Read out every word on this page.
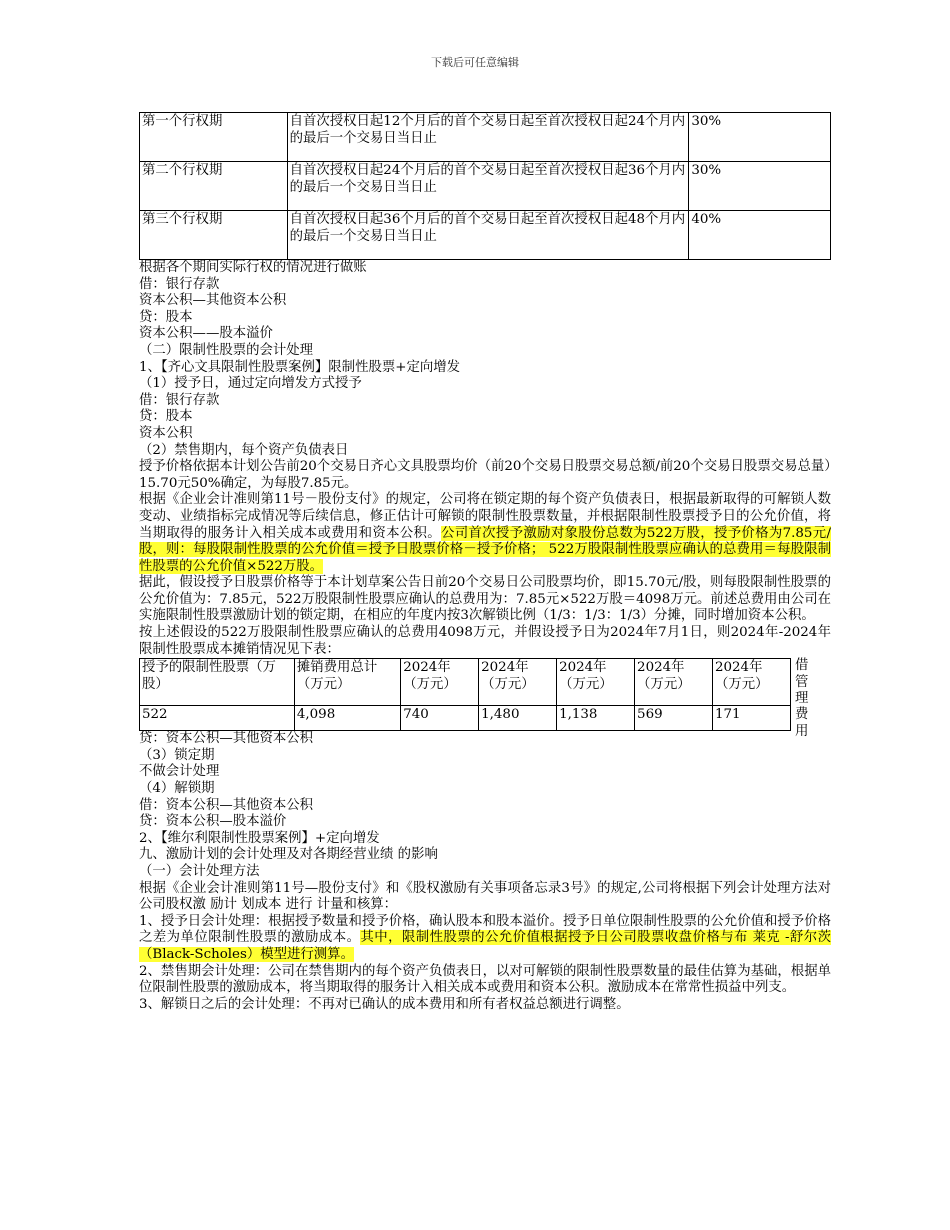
下载后可任意编辑
第一个行权期	自首次授权日起12个月后的首个交易日起至首次授权日起24个月内的最后一个交易日当日止	30%
第二个行权期	自首次授权日起24个月后的首个交易日起至首次授权日起36个月内的最后一个交易日当日止	30%
第三个行权期	自首次授权日起36个月后的首个交易日起至首次授权日起48个月内的最后一个交易日当日止	40%

根据各个期间实际行权的情况进行做账

借：银行存款

资本公积—其他资本公积

贷：股本

资本公积——股本溢价

（二）限制性股票的会计处理

1、【齐心文具限制性股票案例】限制性股票+定向增发

（1）授予日，通过定向增发方式授予

借：银行存款

贷：股本

资本公积

（2）禁售期内，每个资产负债表日

授予价格依据本计划公告前20个交易日齐心文具股票均价（前20个交易日股票交易总额/前20个交易日股票交易总量）15.70元50%确定，为每股7.85元。

根据《企业会计准则第11号－股份支付》的规定，公司将在锁定期的每个资产负债表日，根据最新取得的可解锁人数变动、业绩指标完成情况等后续信息，修正估计可解锁的限制性股票数量，并根据限制性股票授予日的公允价值，将当期取得的服务计入相关成本或费用和资本公积。公司首次授予激励对象股份总数为522万股，授予价格为7.85元/股，则：每股限制性股票的公允价值＝授予日股票价格－授予价格； 522万股限制性股票应确认的总费用＝每股限制性股票的公允价值×522万股。

据此，假设授予日股票价格等于本计划草案公告日前20个交易日公司股票均价，即15.70元/股，则每股限制性股票的公允价值为：7.85元，522万股限制性股票应确认的总费用为：7.85元×522万股＝4098万元。前述总费用由公司在实施限制性股票激励计划的锁定期，在相应的年度内按3次解锁比例（1/3：1/3：1/3）分摊，同时增加资本公积。

按上述假设的522万股限制性股票应确认的总费用4098万元，并假设授予日为2024年7月1日，则2024年-2024年限制性股票成本摊销情况见下表：

授予的限制性股票（万股）	摊销费用总计（万元）	2024年（万元）	2024年（万元）	2024年（万元）	2024年（万元）	2024年（万元）
522	4,098	740	1,480	1,138	569	171
借管理费用

贷：资本公积—其他资本公积

（3）锁定期

不做会计处理

（4）解锁期

借：资本公积—其他资本公积

贷：资本公积—股本溢价

2、【维尔利限制性股票案例】+定向增发

九、激励计划的会计处理及对各期经营业绩 的影响

（一）会计处理方法

根据《企业会计准则第11号—股份支付》和《股权激励有关事项备忘录3号》的规定,公司将根据下列会计处理方法对公司股权激 励计 划成本 进行 计量和核算：

1、授予日会计处理：根据授予数量和授予价格，确认股本和股本溢价。授予日单位限制性股票的公允价值和授予价格之差为单位限制性股票的激励成本。其中，限制性股票的公允价值根据授予日公司股票收盘价格与布 莱克 -舒尔茨（Black-Scholes）模型进行测算。

2、禁售期会计处理：公司在禁售期内的每个资产负债表日，以对可解锁的限制性股票数量的最佳估算为基础，根据单位限制性股票的激励成本，将当期取得的服务计入相关成本或费用和资本公积。激励成本在常常性损益中列支。

3、解锁日之后的会计处理：不再对已确认的成本费用和所有者权益总额进行调整。
